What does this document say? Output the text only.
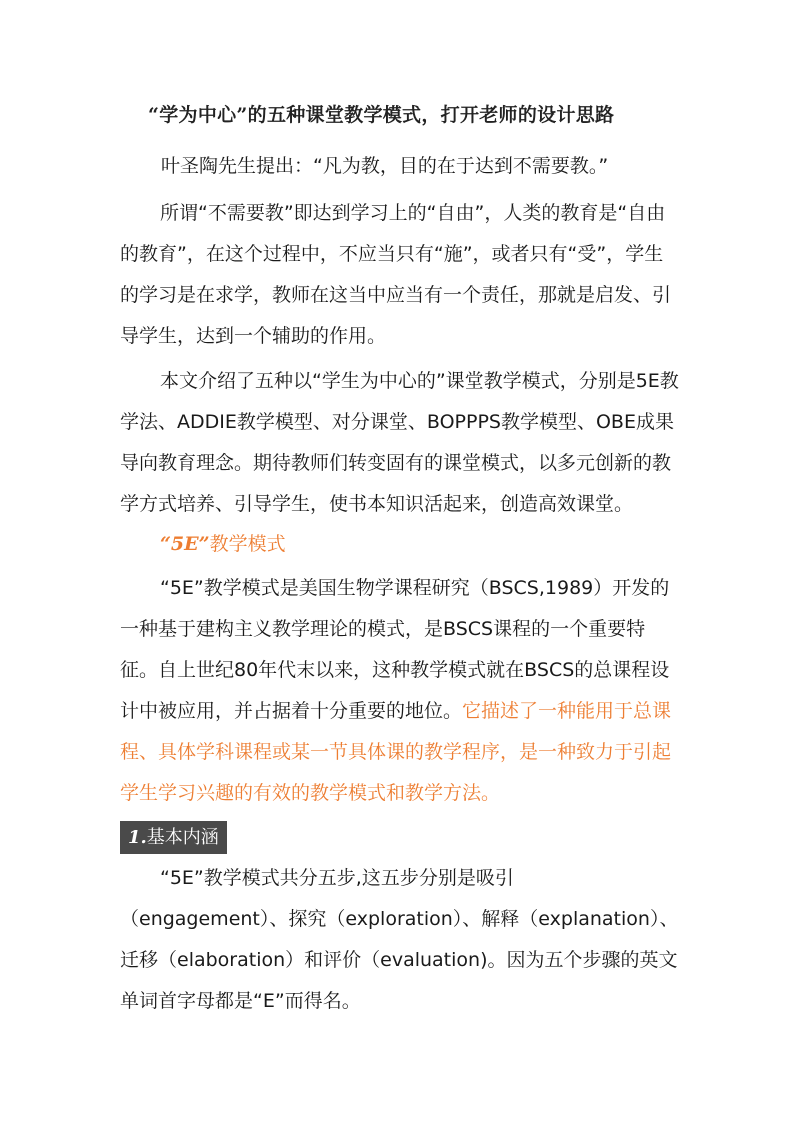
“学为中心”的五种课堂教学模式，打开老师的设计思路
叶圣陶先生提出：“凡为教，目的在于达到不需要教。”
所谓“不需要教”即达到学习上的“自由”，人类的教育是“自由的教育”，在这个过程中，不应当只有“施”，或者只有“受”，学生的学习是在求学，教师在这当中应当有一个责任，那就是启发、引导学生，达到一个辅助的作用。
本文介绍了五种以“学生为中心的”课堂教学模式，分别是5E教学法、ADDIE教学模型、对分课堂、BOPPPS教学模型、OBE成果导向教育理念。期待教师们转变固有的课堂模式，以多元创新的教学方式培养、引导学生，使书本知识活起来，创造高效课堂。
“5E”教学模式
“5E”教学模式是美国生物学课程研究（BSCS,1989）开发的一种基于建构主义教学理论的模式，是BSCS课程的一个重要特征。自上世纪80年代末以来，这种教学模式就在BSCS的总课程设计中被应用，并占据着十分重要的地位。它描述了一种能用于总课程、具体学科课程或某一节具体课的教学程序，是一种致力于引起学生学习兴趣的有效的教学模式和教学方法。
1.基本内涵
“5E”教学模式共分五步,这五步分别是吸引（engagement）、探究（exploration）、解释（explanation）、迁移（elaboration）和评价（evaluation)。因为五个步骤的英文单词首字母都是“E”而得名。
